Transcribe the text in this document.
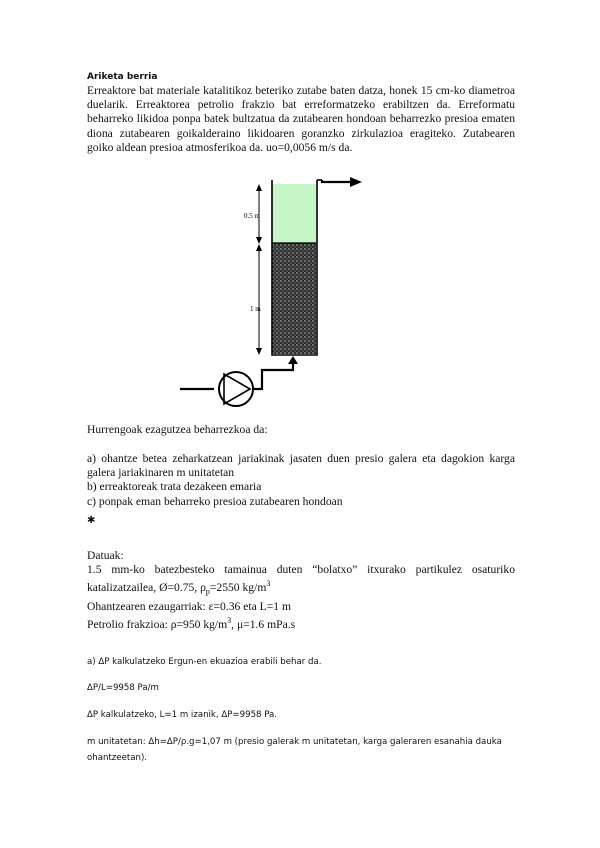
Ariketa berria

Erreaktore bat materiale katalitikoz beteriko zutabe baten datza, honek 15 cm-ko diametroa duelarik. Erreaktorea petrolio frakzio bat erreformatzeko erabiltzen da. Erreformatu beharreko likidoa ponpa batek bultzatua da zutabearen hondoan beharrezko presioa ematen diona zutabearen goikalderaino likidoaren goranzko zirkulazioa eragiteko. Zutabearen goiko aldean presioa atmosferikoa da. uo=0,0056 m/s da.

0.5 m
1 m

Hurrengoak ezagutzea beharrezkoa da:

a) ohantze betea zeharkatzean jariakinak jasaten duen presio galera eta dagokion karga galera jariakinaren m unitatetan

b) erreaktoreak trata dezakeen emaria

c) ponpak eman beharreko presioa zutabearen hondoan

✱

Datuak:

1.5 mm-ko batezbesteko tamainua duten “bolatxo” itxurako partikulez osaturiko katalizatzailea, Ø=0.75, $\rho_p=2550$ $kg/m^3$

Ohantzearen ezaugarriak: ε=0.36 eta L=1 m

Petrolio frakzioa: ρ=950 $kg/m^3$, μ=1.6 mPa.s

a) ΔP kalkulatzeko Ergun-en ekuazioa erabili behar da.

ΔP/L=9958 Pa/m

ΔP kalkulatzeko, L=1 m izanik, ΔP=9958 Pa.

m unitatetan: Δh=ΔP/ρ.g=1,07 m (presio galerak m unitatetan, karga galeraren esanahia dauka ohantzeetan).
